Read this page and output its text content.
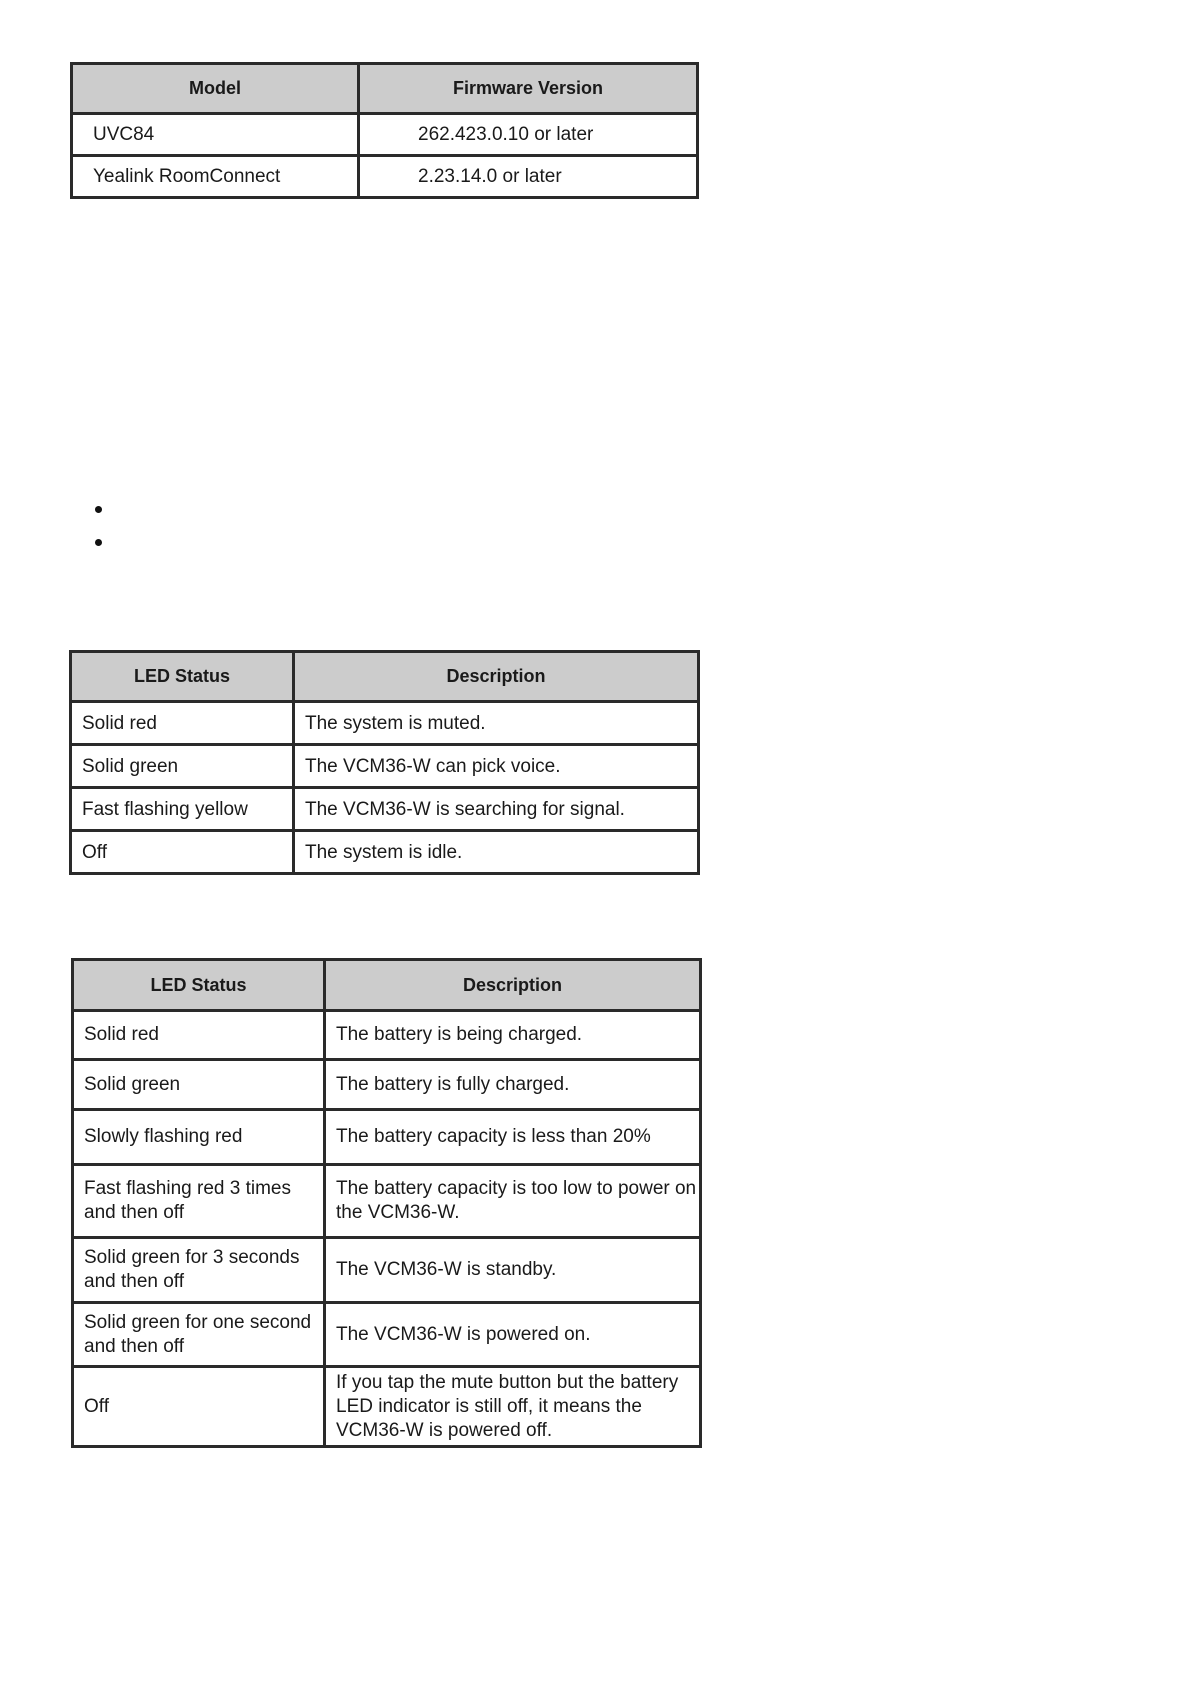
Model	Firmware Version
UVC84	262.423.0.10 or later
Yealink RoomConnect	2.23.14.0 or later
LED Status	Description
Solid red	The system is muted.
Solid green	The VCM36-W can pick voice.
Fast flashing yellow	The VCM36-W is searching for signal.
Off	The system is idle.
LED Status	Description
Solid red	The battery is being charged.
Solid green	The battery is fully charged.
Slowly flashing red	The battery capacity is less than 20%
Fast flashing red 3 times and then off	The battery capacity is too low to power on the VCM36-W.
Solid green for 3 seconds and then off	The VCM36-W is standby.
Solid green for one second and then off	The VCM36-W is powered on.
Off	If you tap the mute button but the battery LED indicator is still off, it means the VCM36-W is powered off.
